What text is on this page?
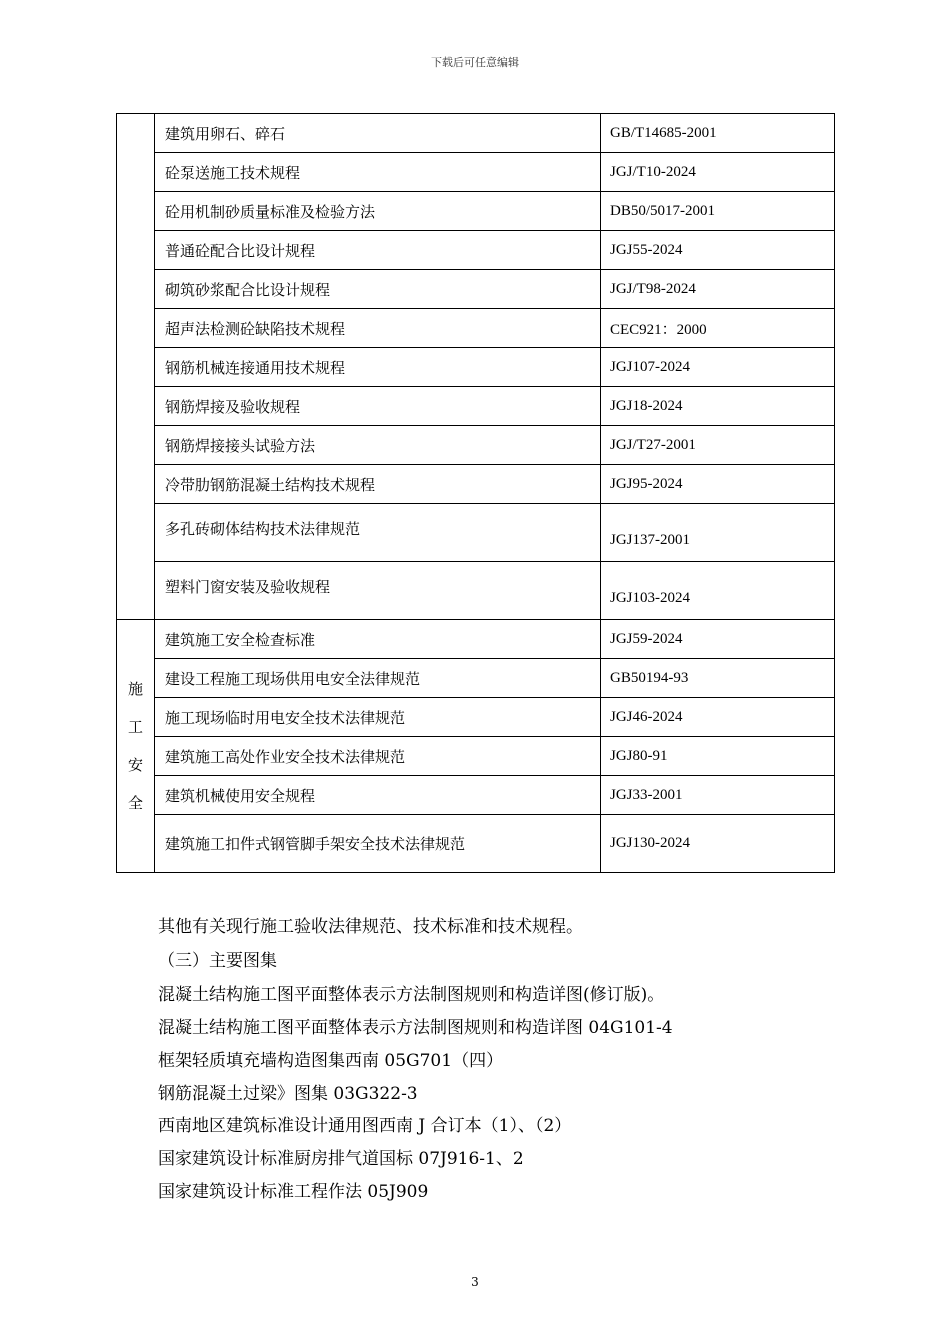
下载后可任意编辑
	建筑用卵石、碎石	GB/T14685-2001
	砼泵送施工技术规程	JGJ/T10-2024
	砼用机制砂质量标准及检验方法	DB50/5017-2001
	普通砼配合比设计规程	JGJ55-2024
	砌筑砂浆配合比设计规程	JGJ/T98-2024
	超声法检测砼缺陷技术规程	CEC921：2000
	钢筋机械连接通用技术规程	JGJ107-2024
	钢筋焊接及验收规程	JGJ18-2024
	钢筋焊接接头试验方法	JGJ/T27-2001
	冷带肋钢筋混凝土结构技术规程	JGJ95-2024
	多孔砖砌体结构技术法律规范	JGJ137-2001
	塑料门窗安装及验收规程	JGJ103-2024
施
工
安
全	建筑施工安全检查标准	JGJ59-2024
	建设工程施工现场供用电安全法律规范	GB50194-93
	施工现场临时用电安全技术法律规范	JGJ46-2024
	建筑施工高处作业安全技术法律规范	JGJ80-91
	建筑机械使用安全规程	JGJ33-2001
	建筑施工扣件式钢管脚手架安全技术法律规范	JGJ130-2024
其他有关现行施工验收法律规范、技术标准和技术规程。
（三）主要图集
混凝土结构施工图平面整体表示方法制图规则和构造详图(修订版)。
混凝土结构施工图平面整体表示方法制图规则和构造详图 04G101-4
框架轻质填充墙构造图集西南 05G701（四）
钢筋混凝土过梁》图集 03G322-3
西南地区建筑标准设计通用图西南 J 合订本（1）、（2）
国家建筑设计标准厨房排气道国标 07J916-1、2
国家建筑设计标准工程作法 05J909
3
